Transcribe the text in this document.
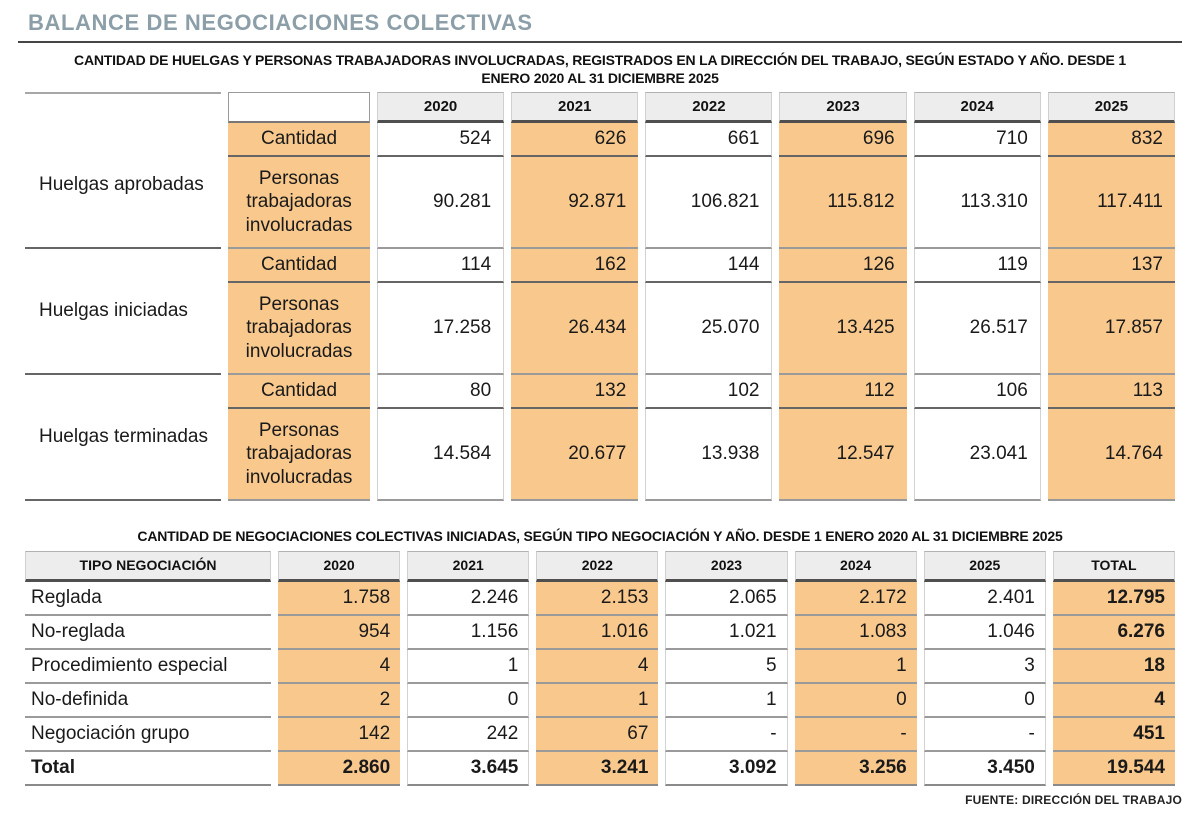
BALANCE DE NEGOCIACIONES COLECTIVAS
CANTIDAD DE HUELGAS Y PERSONAS TRABAJADORAS INVOLUCRADAS, REGISTRADOS EN LA DIRECCIÓN DEL TRABAJO, SEGÚN ESTADO Y AÑO. DESDE 1 ENERO 2020 AL 31 DICIEMBRE 2025
		2020	2021	2022	2023	2024	2025
Huelgas aprobadas	Cantidad	524	626	661	696	710	832
	Personas trabajadoras involucradas	90.281	92.871	106.821	115.812	113.310	117.411
Huelgas iniciadas	Cantidad	114	162	144	126	119	137
	Personas trabajadoras involucradas	17.258	26.434	25.070	13.425	26.517	17.857
Huelgas terminadas	Cantidad	80	132	102	112	106	113
	Personas trabajadoras involucradas	14.584	20.677	13.938	12.547	23.041	14.764
CANTIDAD DE NEGOCIACIONES COLECTIVAS INICIADAS, SEGÚN TIPO NEGOCIACIÓN Y AÑO. DESDE 1 ENERO 2020 AL 31 DICIEMBRE 2025
TIPO NEGOCIACIÓN	2020	2021	2022	2023	2024	2025	TOTAL
Reglada	1.758	2.246	2.153	2.065	2.172	2.401	12.795
No-reglada	954	1.156	1.016	1.021	1.083	1.046	6.276
Procedimiento especial	4	1	4	5	1	3	18
No-definida	2	0	1	1	0	0	4
Negociación grupo	142	242	67	-	-	-	451
Total	2.860	3.645	3.241	3.092	3.256	3.450	19.544
FUENTE: DIRECCIÓN DEL TRABAJO
